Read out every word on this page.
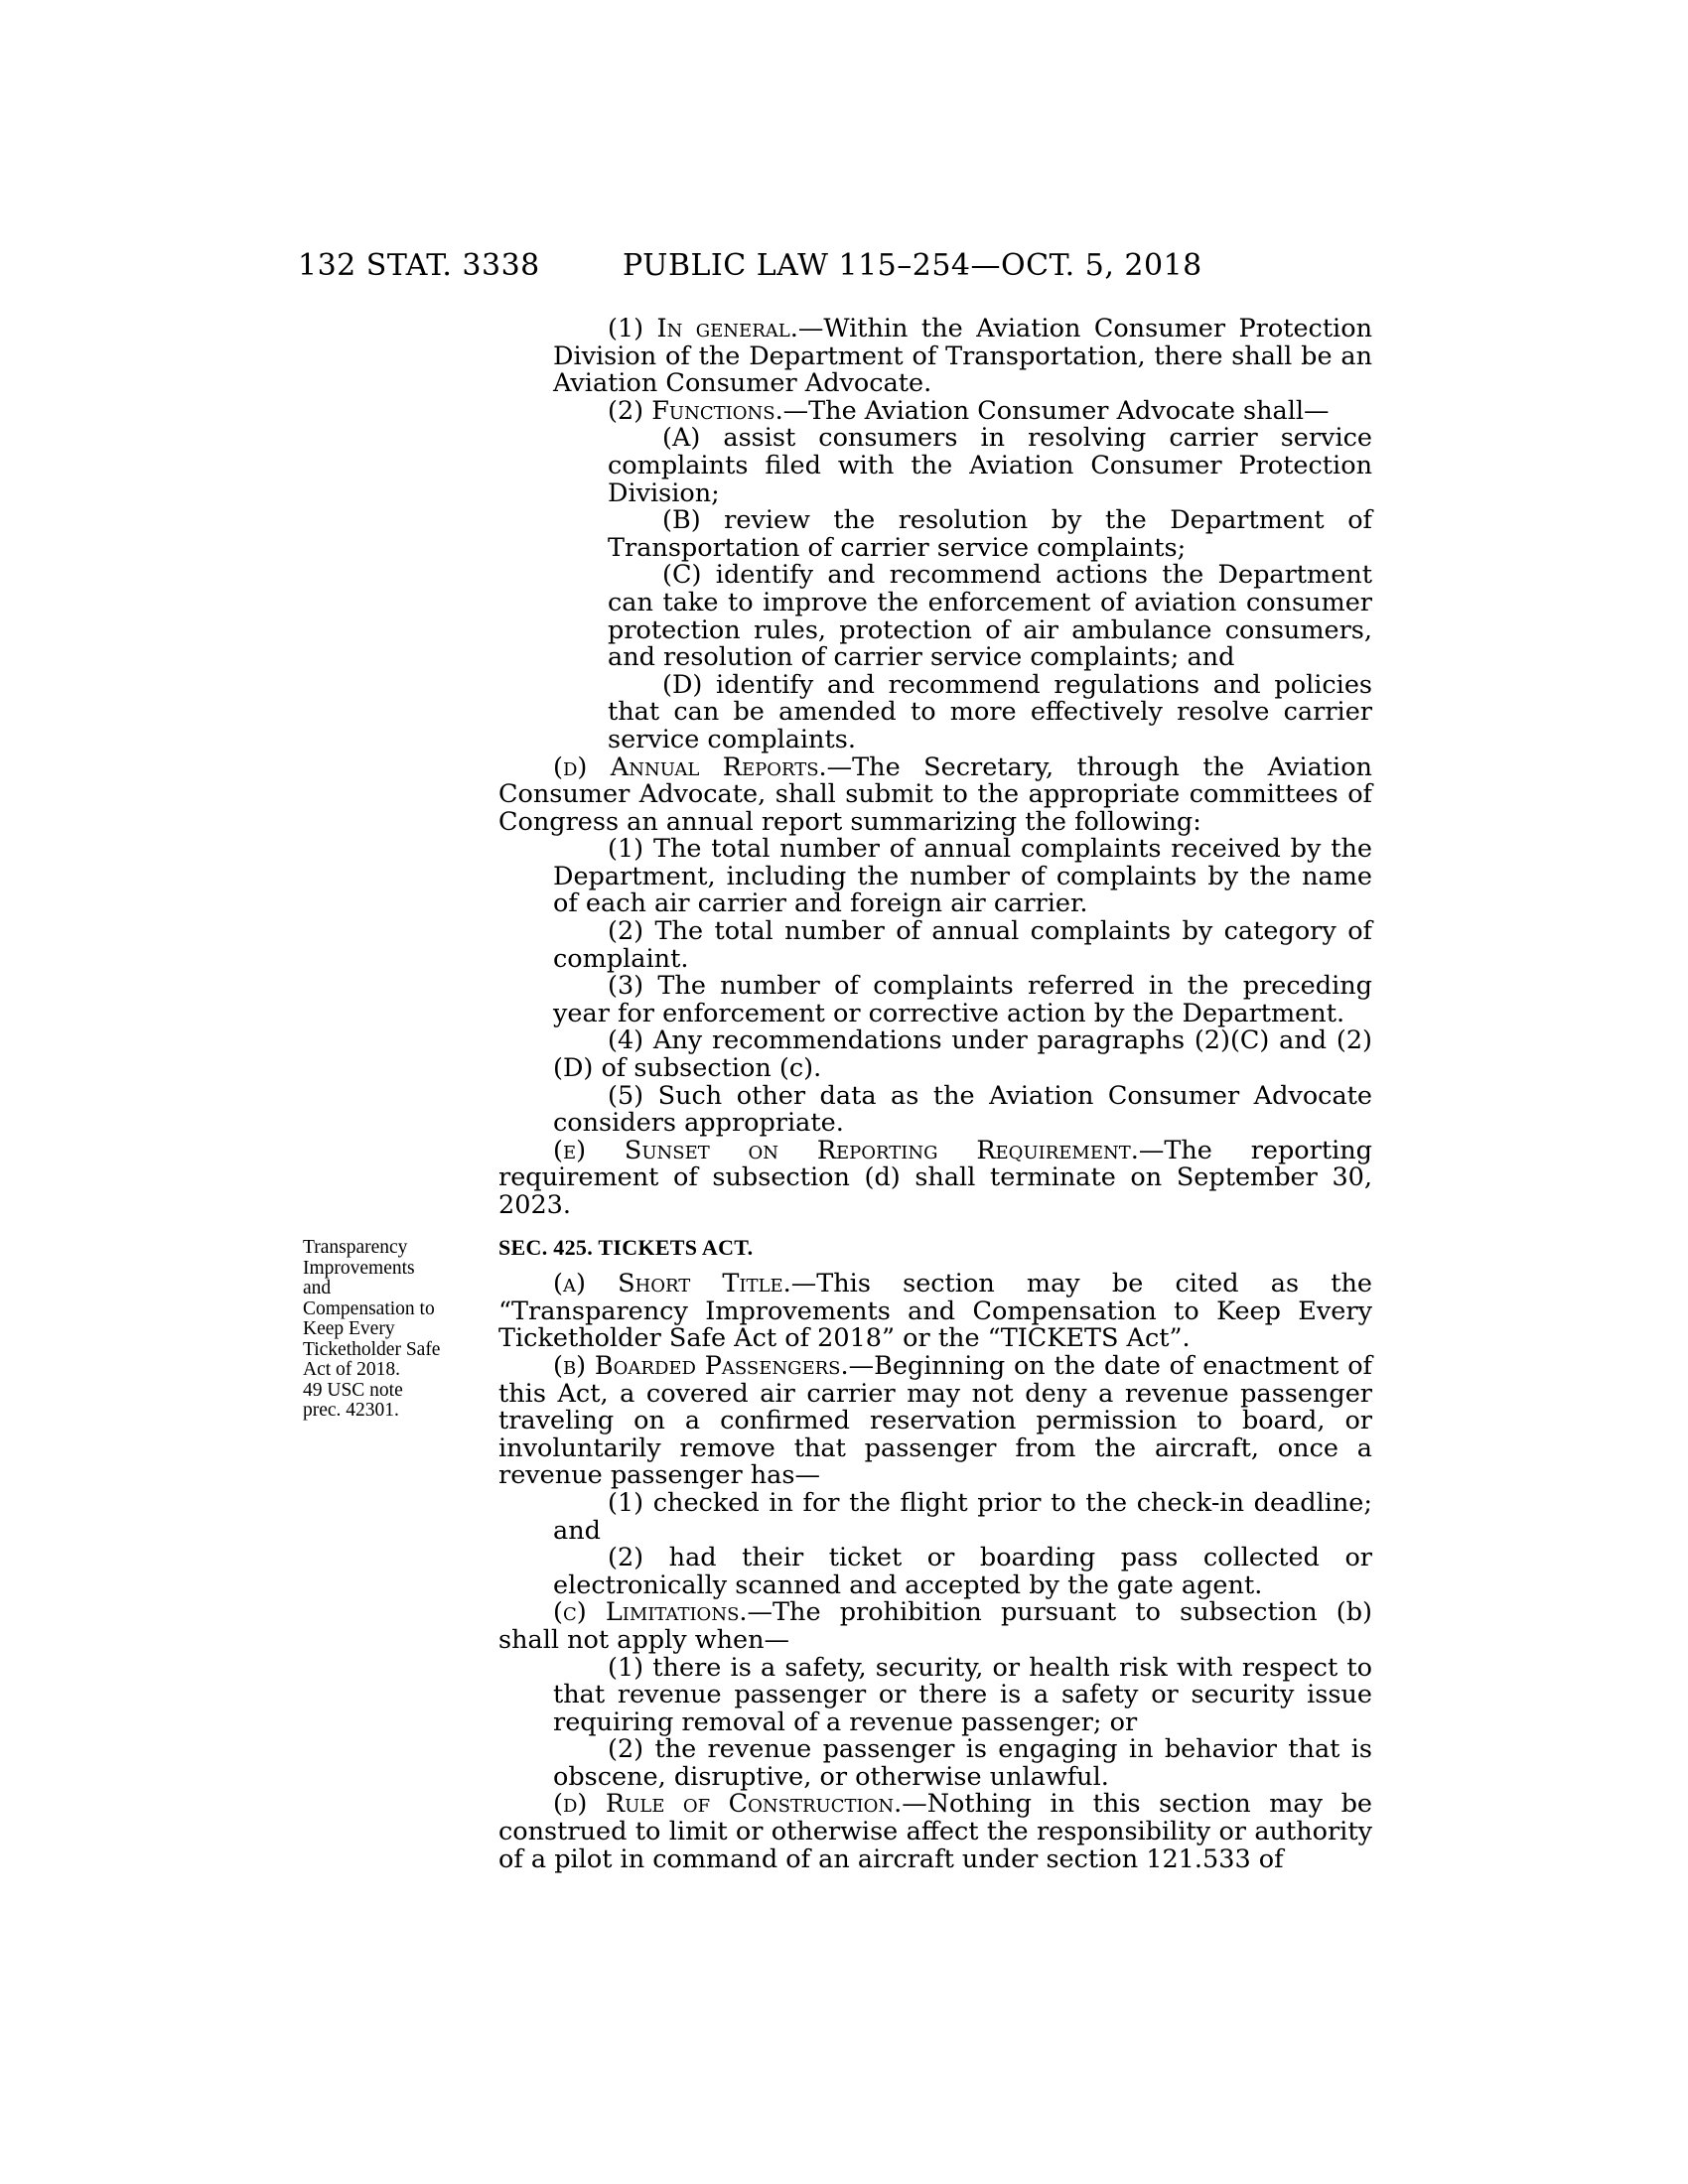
132 STAT. 3338	PUBLIC LAW 115–254—OCT. 5, 2018
Transparency
Improvements
and
Compensation to
Keep Every
Ticketholder Safe
Act of 2018.
49 USC note
prec. 42301.

(1) In general.—Within the Aviation Consumer Protection Division of the Department of Transportation, there shall be an Aviation Consumer Advocate.

(2) Functions.—The Aviation Consumer Advocate shall—

(A) assist consumers in resolving carrier service complaints filed with the Aviation Consumer Protection Division;

(B) review the resolution by the Department of Transportation of carrier service complaints;

(C) identify and recommend actions the Department can take to improve the enforcement of aviation consumer protection rules, protection of air ambulance consumers, and resolution of carrier service complaints; and

(D) identify and recommend regulations and policies that can be amended to more effectively resolve carrier service complaints.

(d) Annual Reports.—The Secretary, through the Aviation Consumer Advocate, shall submit to the appropriate committees of Congress an annual report summarizing the following:

(1) The total number of annual complaints received by the Department, including the number of complaints by the name of each air carrier and foreign air carrier.

(2) The total number of annual complaints by category of complaint.

(3) The number of complaints referred in the preceding year for enforcement or corrective action by the Department.

(4) Any recommendations under paragraphs (2)(C) and (2)(D) of subsection (c).

(5) Such other data as the Aviation Consumer Advocate considers appropriate.

(e) Sunset on Reporting Requirement.—The reporting requirement of subsection (d) shall terminate on September 30, 2023.

SEC. 425. TICKETS ACT.

(a) Short Title.—This section may be cited as the “Transparency Improvements and Compensation to Keep Every Ticketholder Safe Act of 2018” or the “TICKETS Act”.

(b) Boarded Passengers.—Beginning on the date of enactment of this Act, a covered air carrier may not deny a revenue passenger traveling on a confirmed reservation permission to board, or involuntarily remove that passenger from the aircraft, once a revenue passenger has—

(1) checked in for the flight prior to the check-in deadline; and

(2) had their ticket or boarding pass collected or electronically scanned and accepted by the gate agent.

(c) Limitations.—The prohibition pursuant to subsection (b) shall not apply when—

(1) there is a safety, security, or health risk with respect to that revenue passenger or there is a safety or security issue requiring removal of a revenue passenger; or

(2) the revenue passenger is engaging in behavior that is obscene, disruptive, or otherwise unlawful.

(d) Rule of Construction.—Nothing in this section may be construed to limit or otherwise affect the responsibility or authority of a pilot in command of an aircraft under section 121.533 of
